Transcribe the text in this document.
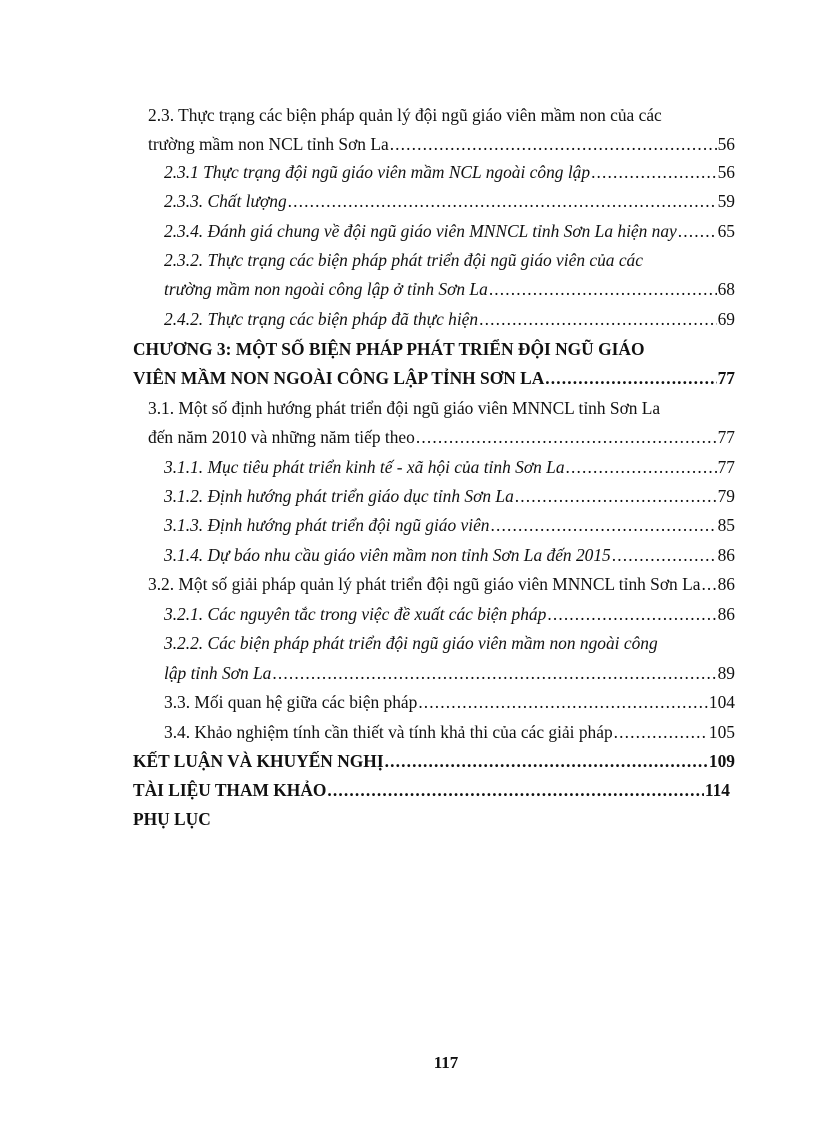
2.3. Thực trạng các biện pháp quản lý đội ngũ giáo viên mầm non của các
trường mầm non NCL tỉnh Sơn La . . .	56
2.3.1 Thực trạng đội ngũ giáo viên mầm NCL ngoài công lập . . .	56
2.3.3. Chất lượng . . .	59
2.3.4. Đánh giá chung về đội ngũ giáo viên MNNCL tỉnh Sơn La hiện nay . . . 65
2.3.2. Thực trạng các biện pháp phát triển đội ngũ giáo viên của các
trường mầm non ngoài công lập ở tỉnh Sơn La . . .	68
2.4.2. Thực trạng các biện pháp đã thực hiện . . .	69
CHƯƠNG 3: MỘT SỐ BIỆN PHÁP PHÁT TRIỂN ĐỘI NGŨ GIÁO
VIÊN MẦM NON NGOÀI CÔNG LẬP TỈNH SƠN LA . . .	77
3.1. Một số định hướng phát triển đội ngũ giáo viên MNNCL tỉnh Sơn La
đến năm 2010 và những năm tiếp theo . . .	77
3.1.1. Mục tiêu phát triển kinh tế - xã hội của tỉnh Sơn La . . .	77
3.1.2. Định hướng phát triển giáo dục tỉnh Sơn La . . .	79
3.1.3. Định hướng phát triển đội ngũ giáo viên . . .	85
3.1.4. Dự báo nhu cầu giáo viên mầm non tỉnh Sơn La đến 2015 . . .	86
3.2. Một số giải pháp quản lý phát triển đội ngũ giáo viên MNNCL tỉnh Sơn La . . . 86
3.2.1. Các nguyên tắc trong việc đề xuất các biện pháp . . .	86
3.2.2. Các biện pháp phát triển đội ngũ giáo viên mầm non ngoài công
lập tỉnh Sơn La . . .	89
3.3. Mối quan hệ giữa các biện pháp . . .	104
3.4. Khảo nghiệm tính cần thiết và tính khả thi của các giải pháp . . .	105
KẾT LUẬN VÀ KHUYẾN NGHỊ . . .	109
TÀI LIỆU THAM KHẢO . . .	114
PHỤ LỤC
117
